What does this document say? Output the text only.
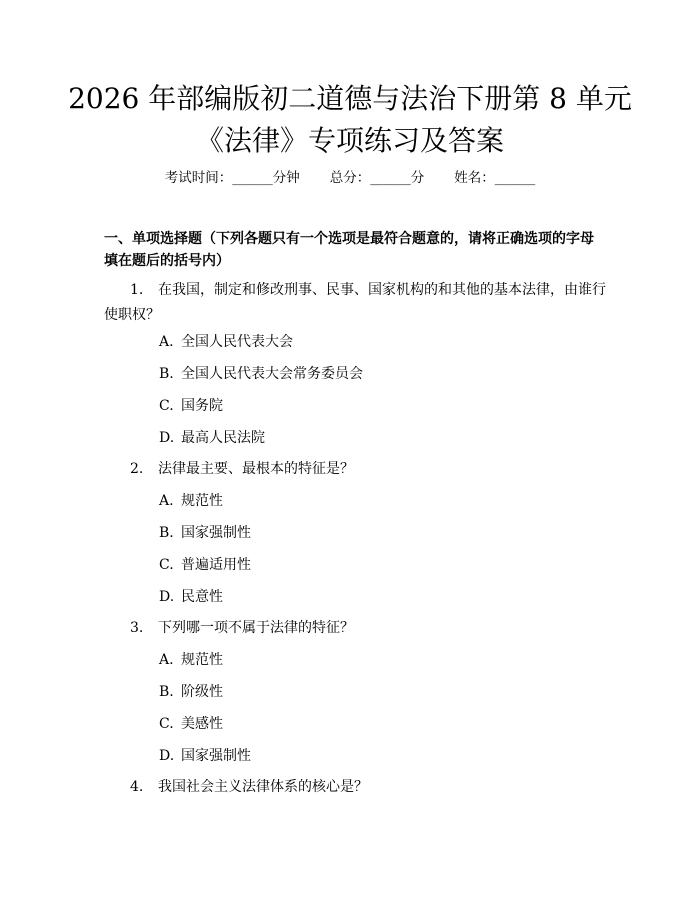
2026 年部编版初二道德与法治下册第 8 单元
《法律》专项练习及答案
考试时间：______分钟       总分：______分       姓名：______
一、单项选择题（下列各题只有一个选项是最符合题意的，请将正确选项的字母填在题后的括号内）
1. 在我国，制定和修改刑事、民事、国家机构的和其他的基本法律，由谁行使职权？
A. 全国人民代表大会
B. 全国人民代表大会常务委员会
C. 国务院
D. 最高人民法院
2. 法律最主要、最根本的特征是？
A. 规范性
B. 国家强制性
C. 普遍适用性
D. 民意性
3. 下列哪一项不属于法律的特征？
A. 规范性
B. 阶级性
C. 美感性
D. 国家强制性
4. 我国社会主义法律体系的核心是？
